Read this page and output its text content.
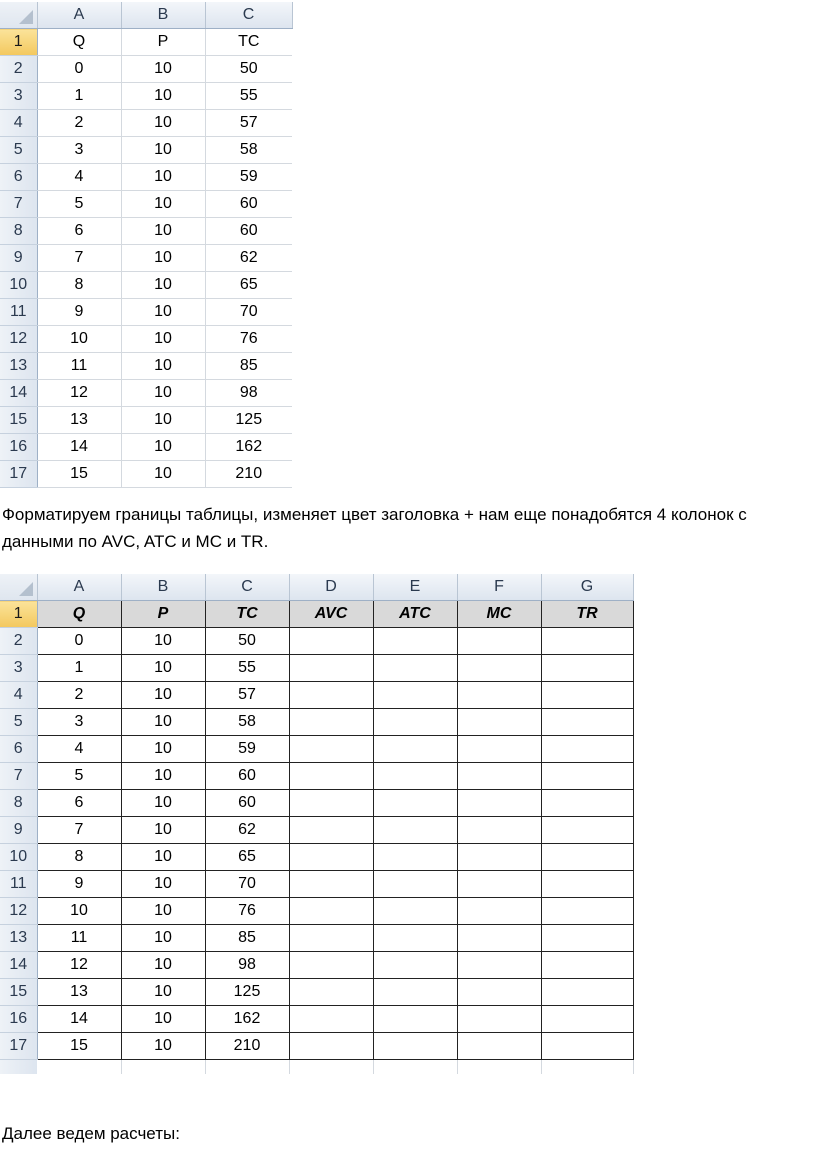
	A	B	C
1	Q	P	TC
2	0	10	50
3	1	10	55
4	2	10	57
5	3	10	58
6	4	10	59
7	5	10	60
8	6	10	60
9	7	10	62
10	8	10	65
11	9	10	70
12	10	10	76
13	11	10	85
14	12	10	98
15	13	10	125
16	14	10	162
17	15	10	210

Форматируем границы таблицы, изменяет цвет заголовка + нам еще понадобятся 4 колонок с данными по AVC, ATC и MC и TR.

	A	B	C	D	E	F	G
1	Q	P	TC	AVC	ATC	MC	TR
2	0	10	50				
3	1	10	55				
4	2	10	57				
5	3	10	58				
6	4	10	59				
7	5	10	60				
8	6	10	60				
9	7	10	62				
10	8	10	65				
11	9	10	70				
12	10	10	76				
13	11	10	85				
14	12	10	98				
15	13	10	125				
16	14	10	162				
17	15	10	210				

Далее ведем расчеты:
